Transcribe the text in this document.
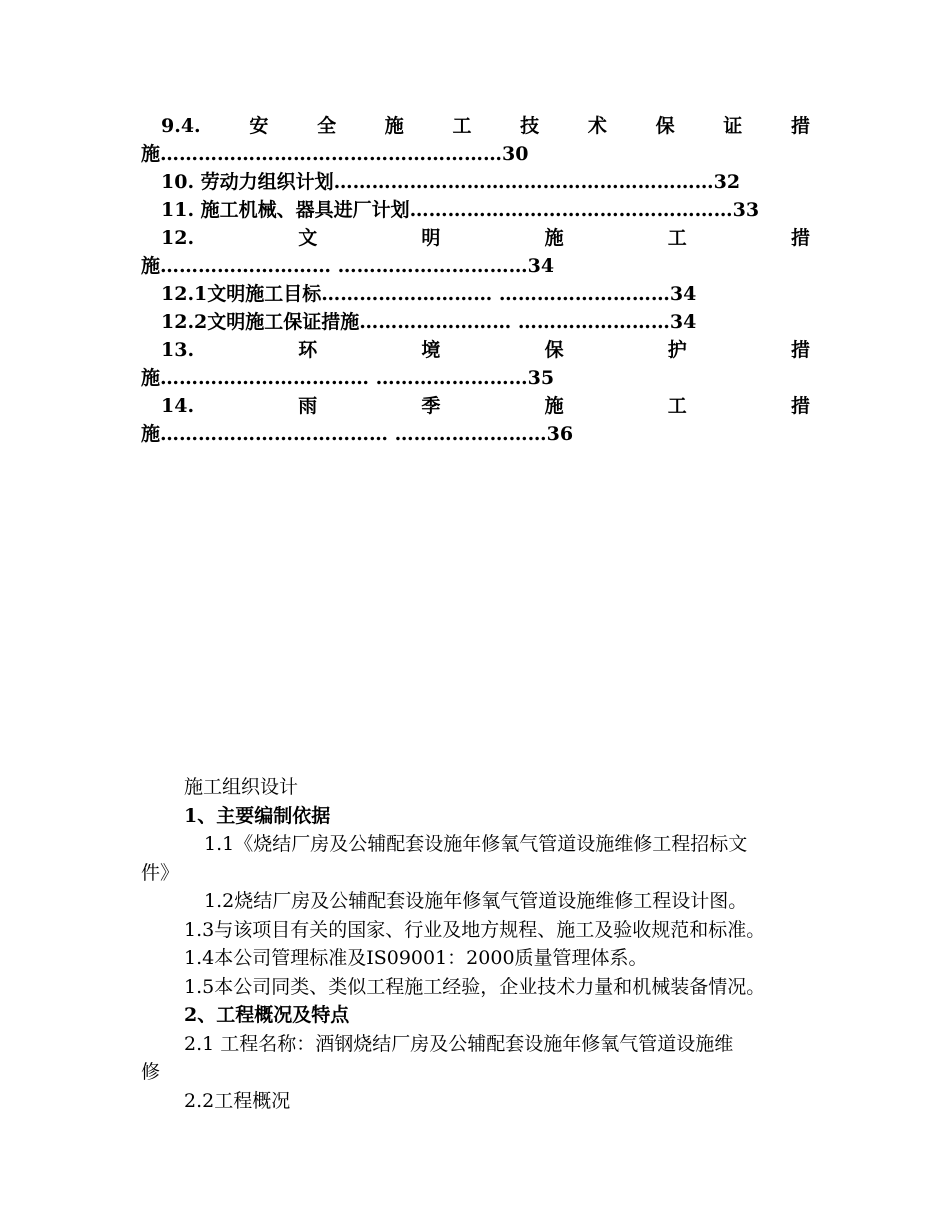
9.4.	安	全	施	工	技	术	保	证	措
施………………………………………………30
10. 劳动力组织计划……………………………………………………32
11. 施工机械、器具进厂计划……………………………………………33
12.	文	明	施	工	措
施……………………… …………………………34
12.1文明施工目标……………………… ………………………34
12.2文明施工保证措施…………………… ……………………34
13.	环	境	保	护	措
施…………………………… ……………………35
14.	雨	季	施	工	措
施……………………………… ……………………36
施工组织设计
1、主要编制依据
1.1《烧结厂房及公辅配套设施年修氧气管道设施维修工程招标文
件》
1.2烧结厂房及公辅配套设施年修氧气管道设施维修工程设计图。
1.3与该项目有关的国家、行业及地方规程、施工及验收规范和标准。
1.4本公司管理标准及IS09001：2000质量管理体系。
1.5本公司同类、类似工程施工经验，企业技术力量和机械装备情况。
2、工程概况及特点
2.1 工程名称：酒钢烧结厂房及公辅配套设施年修氧气管道设施维
修
2.2工程概况
